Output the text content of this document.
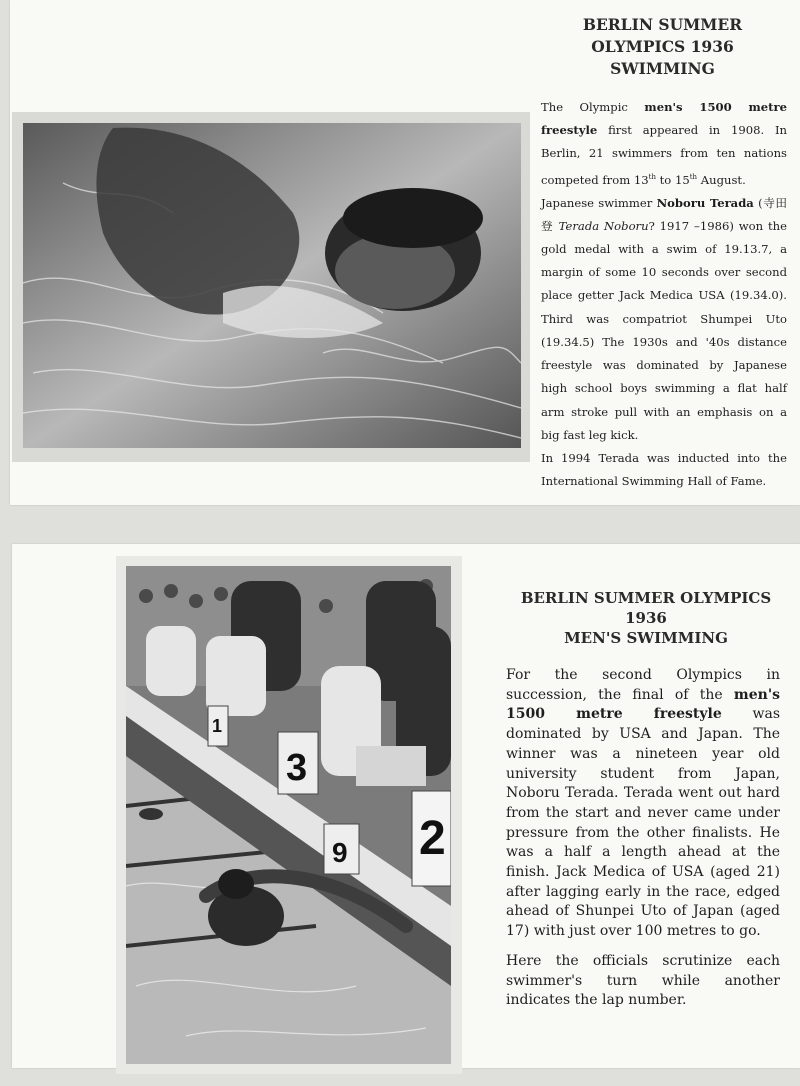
BERLIN SUMMER
OLYMPICS 1936
SWIMMING

The Olympic men's 1500 metre freestyle first appeared in 1908. In Berlin, 21 swimmers from ten nations competed from 13th to 15th August.

Japanese swimmer Noboru Terada (寺田 登 Terada Noboru? 1917 –1986) won the gold medal with a swim of 19.13.7, a margin of some 10 seconds over second place getter Jack Medica USA (19.34.0). Third was compatriot Shumpei Uto (19.34.5) The 1930s and '40s distance freestyle was dominated by Japanese high school boys swimming a flat half arm stroke pull with an emphasis on a big fast leg kick.

In 1994 Terada was inducted into the International Swimming Hall of Fame.

3
9 2
1
BERLIN SUMMER OLYMPICS
1936
MEN'S SWIMMING

For the second Olympics in succession, the final of the men's 1500 metre freestyle was dominated by USA and Japan. The winner was a nineteen year old university student from Japan, Noboru Terada. Terada went out hard from the start and never came under pressure from the other finalists. He was a half a length ahead at the finish. Jack Medica of USA (aged 21) after lagging early in the race, edged ahead of Shunpei Uto of Japan (aged 17) with just over 100 metres to go.

Here the officials scrutinize each swimmer's turn while another indicates the lap number.
